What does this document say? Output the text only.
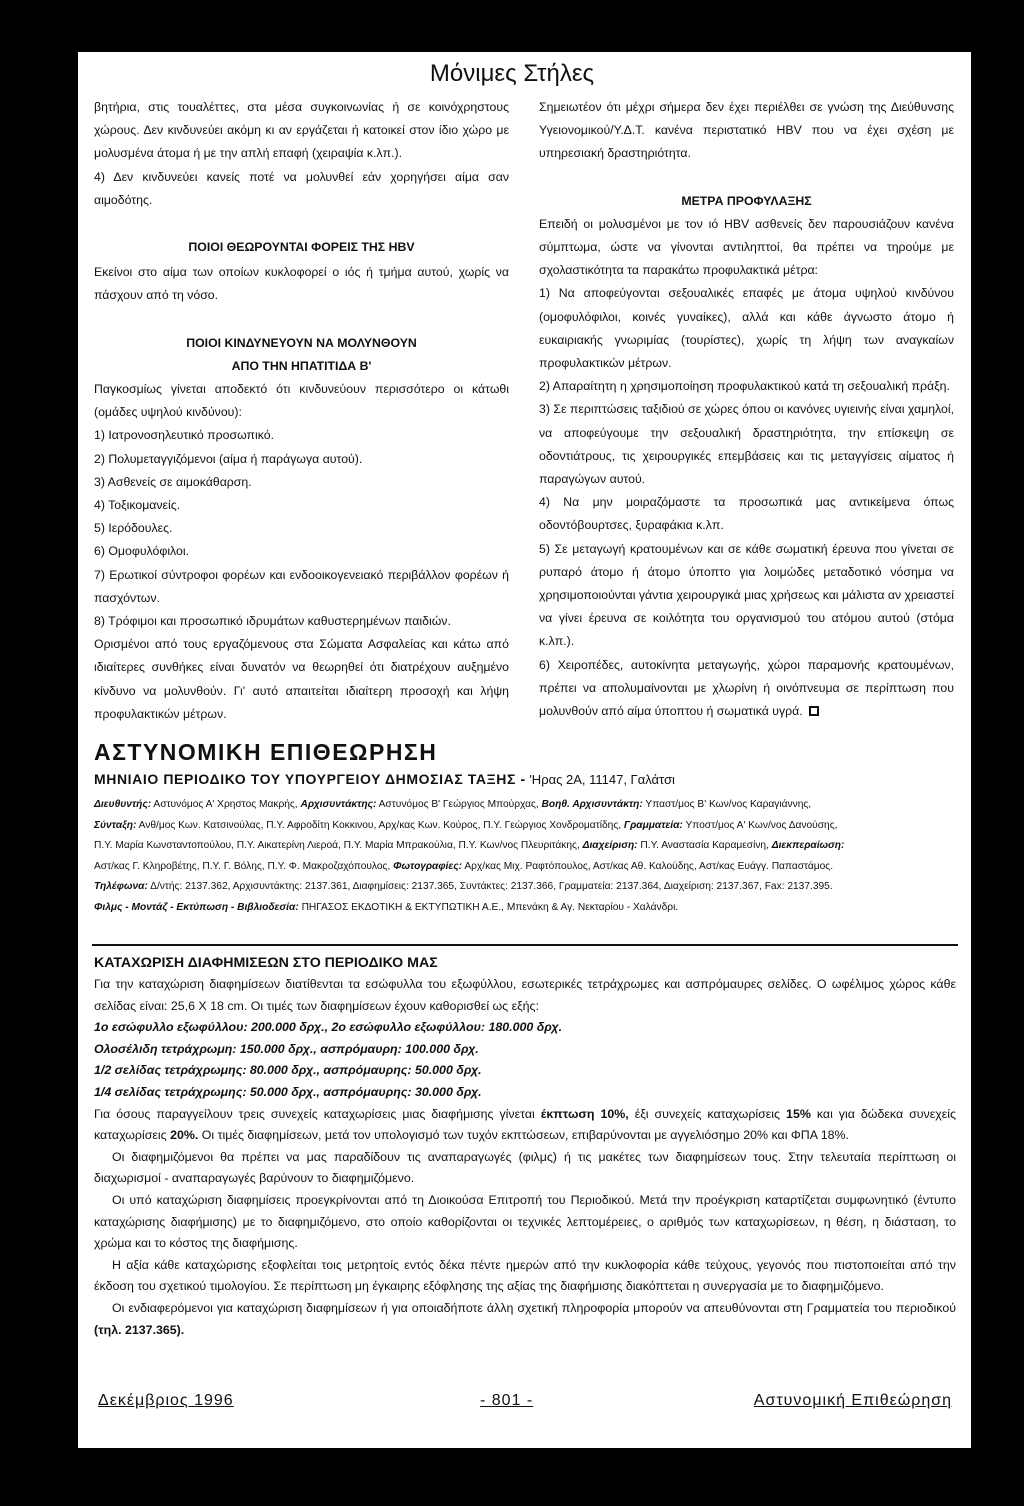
Μόνιμες Στήλες

βητήρια, στις τουαλέττες, στα μέσα συγκοινωνίας ή σε κοινόχρηστους χώρους. Δεν κινδυνεύει ακόμη κι αν εργάζεται ή κατοικεί στον ίδιο χώρο με μολυσμένα άτομα ή με την απλή επαφή (χειραψία κ.λπ.).

4) Δεν κινδυνεύει κανείς ποτέ να μολυνθεί εάν χορηγήσει αίμα σαν αιμοδότης.

ΠΟΙΟΙ ΘΕΩΡΟΥΝΤΑΙ ΦΟΡΕΙΣ ΤΗΣ HBV

Εκείνοι στο αίμα των οποίων κυκλοφορεί ο ιός ή τμήμα αυτού, χωρίς να πάσχουν από τη νόσο.

ΠΟΙΟΙ ΚΙΝΔΥΝΕΥΟΥΝ ΝΑ ΜΟΛΥΝΘΟΥΝ

ΑΠΟ ΤΗΝ ΗΠΑΤΙΤΙΔΑ Β'

Παγκοσμίως γίνεται αποδεκτό ότι κινδυνεύουν περισσότερο οι κάτωθι (ομάδες υψηλού κινδύνου):

1) Ιατρονοσηλευτικό προσωπικό.

2) Πολυμεταγγιζόμενοι (αίμα ή παράγωγα αυτού).

3) Ασθενείς σε αιμοκάθαρση.

4) Τοξικομανείς.

5) Ιερόδουλες.

6) Ομοφυλόφιλοι.

7) Ερωτικοί σύντροφοι φορέων και ενδοοικογενειακό περιβάλλον φορέων ή πασχόντων.

8) Τρόφιμοι και προσωπικό ιδρυμάτων καθυστερημένων παιδιών.

Ορισμένοι από τους εργαζόμενους στα Σώματα Ασφαλείας και κάτω από ιδιαίτερες συνθήκες είναι δυνατόν να θεωρηθεί ότι διατρέχουν αυξημένο κίνδυνο να μολυνθούν. Γι' αυτό απαιτείται ιδιαίτερη προσοχή και λήψη προφυλακτικών μέτρων.

Σημειωτέον ότι μέχρι σήμερα δεν έχει περιέλθει σε γνώση της Διεύθυνσης Υγειονομικού/Υ.Δ.Τ. κανένα περιστατικό HBV που να έχει σχέση με υπηρεσιακή δραστηριότητα.

ΜΕΤΡΑ ΠΡΟΦΥΛΑΞΗΣ

Επειδή οι μολυσμένοι με τον ιό HBV ασθενείς δεν παρουσιάζουν κανένα σύμπτωμα, ώστε να γίνονται αντιληπτοί, θα πρέπει να τηρούμε με σχολαστικότητα τα παρακάτω προφυλακτικά μέτρα:

1) Να αποφεύγονται σεξουαλικές επαφές με άτομα υψηλού κινδύνου (ομοφυλόφιλοι, κοινές γυναίκες), αλλά και κάθε άγνωστο άτομο ή ευκαιριακής γνωριμίας (τουρίστες), χωρίς τη λήψη των αναγκαίων προφυλακτικών μέτρων.

2) Απαραίτητη η χρησιμοποίηση προφυλακτικού κατά τη σεξουαλική πράξη.

3) Σε περιπτώσεις ταξιδιού σε χώρες όπου οι κανόνες υγιεινής είναι χαμηλοί, να αποφεύγουμε την σεξουαλική δραστηριότητα, την επίσκεψη σε οδοντιάτρους, τις χειρουργικές επεμβάσεις και τις μεταγγίσεις αίματος ή παραγώγων αυτού.

4) Να μην μοιραζόμαστε τα προσωπικά μας αντικείμενα όπως οδοντόβουρτσες, ξυραφάκια κ.λπ.

5) Σε μεταγωγή κρατουμένων και σε κάθε σωματική έρευνα που γίνεται σε ρυπαρό άτομο ή άτομο ύποπτο για λοιμώδες μεταδοτικό νόσημα να χρησιμοποιούνται γάντια χειρουργικά μιας χρήσεως και μάλιστα αν χρειαστεί να γίνει έρευνα σε κοιλότητα του οργανισμού του ατόμου αυτού (στόμα κ.λπ.).

6) Χειροπέδες, αυτοκίνητα μεταγωγής, χώροι παραμονής κρατουμένων, πρέπει να απολυμαίνονται με χλωρίνη ή οινόπνευμα σε περίπτωση που μολυνθούν από αίμα ύποπτου ή σωματικά υγρά.

ΑΣΤΥΝΟΜΙΚΗ ΕΠΙΘΕΩΡΗΣΗ
ΜΗΝΙΑΙΟ ΠΕΡΙΟΔΙΚΟ ΤΟΥ ΥΠΟΥΡΓΕΙΟΥ ΔΗΜΟΣΙΑΣ ΤΑΞΗΣ - 'Ηρας 2Α, 11147, Γαλάτσι
Διευθυντής: Αστυνόμος Α' Χρηστος Μακρής, Αρχισυντάκτης: Αστυνόμος Β' Γεώργιος Μπούρχας, Βοηθ. Αρχισυντάκτη: Υπαστ/μος Β' Κων/νος Καραγιάννης,
Σύνταξη: Ανθ/μος Κων. Κατσινούλας, Π.Υ. Αφροδίτη Κοκκινου, Αρχ/κας Κων. Κούρος, Π.Υ. Γεώργιος Χονδροματίδης, Γραμματεία: Υποστ/μος Α' Κων/νος Δανούσης,
Π.Υ. Μαρία Κωνσταντοπούλου, Π.Υ. Αικατερίνη Λιεροά, Π.Υ. Μαρία Μπρακούλια, Π.Υ. Κων/νος Πλευριτάκης, Διαχείριση: Π.Υ. Αναστασία Καραμεσίνη, Διεκπεραίωση:
Αστ/κας Γ. Κληροβέτης, Π.Υ. Γ. Βόλης, Π.Υ. Φ. Μακροζαχόπουλος, Φωτογραφίες: Αρχ/κας Μιχ. Ραφτόπουλος, Αστ/κας Αθ. Καλούδης, Αστ/κας Ευάγγ. Παπαστάμος.
Τηλέφωνα: Δ/ντής: 2137.362, Αρχισυντάκτης: 2137.361, Διαφημίσεις: 2137.365, Συντάκτες: 2137.366, Γραμματεία: 2137.364, Διαχείριση: 2137.367, Fax: 2137.395.
Φιλμς - Μοντάζ - Εκτύπωση - Βιβλιοδεσία: ΠΗΓΑΣΟΣ ΕΚΔΟΤΙΚΗ & ΕΚΤΥΠΩΤΙΚΗ Α.Ε., Μπενάκη & Αγ. Νεκταρίου - Χαλάνδρι.
ΚΑΤΑΧΩΡΙΣΗ ΔΙΑΦΗΜΙΣΕΩΝ ΣΤΟ ΠΕΡΙΟΔΙΚΟ ΜΑΣ

Για την καταχώριση διαφημίσεων διατίθενται τα εσώφυλλα του εξωφύλλου, εσωτερικές τετράχρωμες και ασπρόμαυρες σελίδες. Ο ωφέλιμος χώρος κάθε σελίδας είναι: 25,6 Χ 18 cm. Οι τιμές των διαφημίσεων έχουν καθορισθεί ως εξής:

1ο εσώφυλλο εξωφύλλου: 200.000 δρχ., 2ο εσώφυλλο εξωφύλλου: 180.000 δρχ.

Ολοσέλιδη τετράχρωμη: 150.000 δρχ., ασπρόμαυρη: 100.000 δρχ.

1/2 σελίδας τετράχρωμης: 80.000 δρχ., ασπρόμαυρης: 50.000 δρχ.

1/4 σελίδας τετράχρωμης: 50.000 δρχ., ασπρόμαυρης: 30.000 δρχ.

Για όσους παραγγείλουν τρεις συνεχείς καταχωρίσεις μιας διαφήμισης γίνεται έκπτωση 10%, έξι συνεχείς καταχωρίσεις 15% και για δώδεκα συνεχείς καταχωρίσεις 20%. Οι τιμές διαφημίσεων, μετά τον υπολογισμό των τυχόν εκπτώσεων, επιβαρύνονται με αγγελιόσημο 20% και ΦΠΑ 18%.

Οι διαφημιζόμενοι θα πρέπει να μας παραδίδουν τις αναπαραγωγές (φιλμς) ή τις μακέτες των διαφημίσεων τους. Στην τελευταία περίπτωση οι διαχωρισμοί - αναπαραγωγές βαρύνουν το διαφημιζόμενο.

Οι υπό καταχώριση διαφημίσεις προεγκρίνονται από τη Διοικούσα Επιτροπή του Περιοδικού. Μετά την προέγκριση καταρτίζεται συμφωνητικό (έντυπο καταχώρισης διαφήμισης) με το διαφημιζόμενο, στο οποίο καθορίζονται οι τεχνικές λεπτομέρειες, ο αριθμός των καταχωρίσεων, η θέση, η διάσταση, το χρώμα και το κόστος της διαφήμισης.

Η αξία κάθε καταχώρισης εξοφλείται τοις μετρητοίς εντός δέκα πέντε ημερών από την κυκλοφορία κάθε τεύχους, γεγονός που πιστοποιείται από την έκδοση του σχετικού τιμολογίου. Σε περίπτωση μη έγκαιρης εξόφλησης της αξίας της διαφήμισης διακόπτεται η συνεργασία με το διαφημιζόμενο.

Οι ενδιαφερόμενοι για καταχώριση διαφημίσεων ή για οποιαδήποτε άλλη σχετική πληροφορία μπορούν να απευθύνονται στη Γραμματεία του περιοδικού (τηλ. 2137.365).

Δεκέμβριος 1996	- 801 -	Αστυνομική Επιθεώρηση
